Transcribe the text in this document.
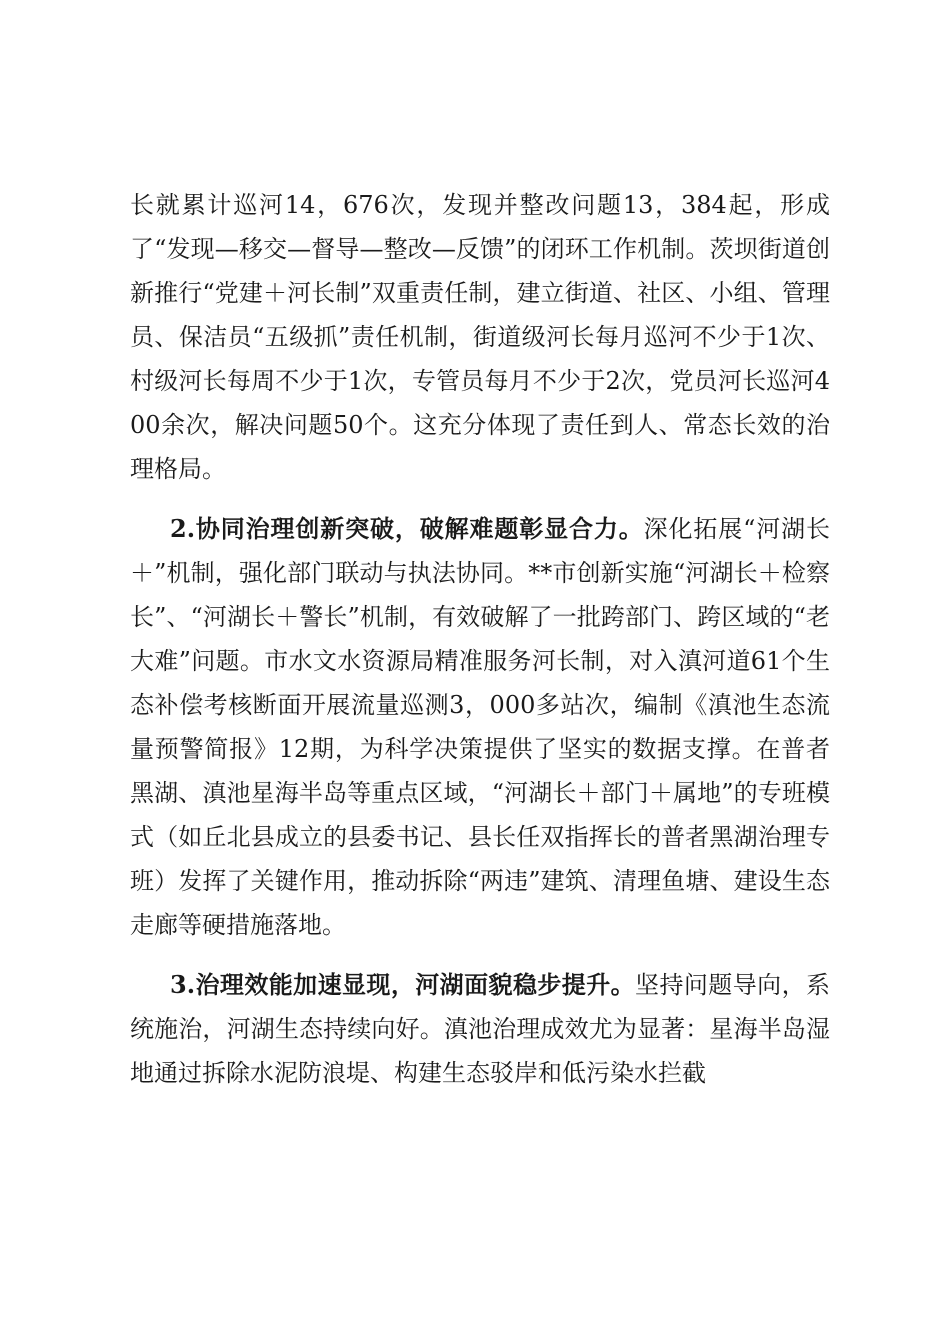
长就累计巡河14，676次，发现并整改问题13，384起，形成了“发现—移交—督导—整改—反馈”的闭环工作机制。茨坝街道创新推行“党建＋河长制”双重责任制，建立街道、社区、小组、管理员、保洁员“五级抓”责任机制，街道级河长每月巡河不少于1次、村级河长每周不少于1次，专管员每月不少于2次，党员河长巡河400余次，解决问题50个。这充分体现了责任到人、常态长效的治理格局。

2.协同治理创新突破，破解难题彰显合力。深化拓展“河湖长＋”机制，强化部门联动与执法协同。**市创新实施“河湖长＋检察长”、“河湖长＋警长”机制，有效破解了一批跨部门、跨区域的“老大难”问题。市水文水资源局精准服务河长制，对入滇河道61个生态补偿考核断面开展流量巡测3，000多站次，编制《滇池生态流量预警简报》12期，为科学决策提供了坚实的数据支撑。在普者黑湖、滇池星海半岛等重点区域，“河湖长＋部门＋属地”的专班模式（如丘北县成立的县委书记、县长任双指挥长的普者黑湖治理专班）发挥了关键作用，推动拆除“两违”建筑、清理鱼塘、建设生态走廊等硬措施落地。

3.治理效能加速显现，河湖面貌稳步提升。坚持问题导向，系统施治，河湖生态持续向好。滇池治理成效尤为显著：星海半岛湿地通过拆除水泥防浪堤、构建生态驳岸和低污染水拦截
